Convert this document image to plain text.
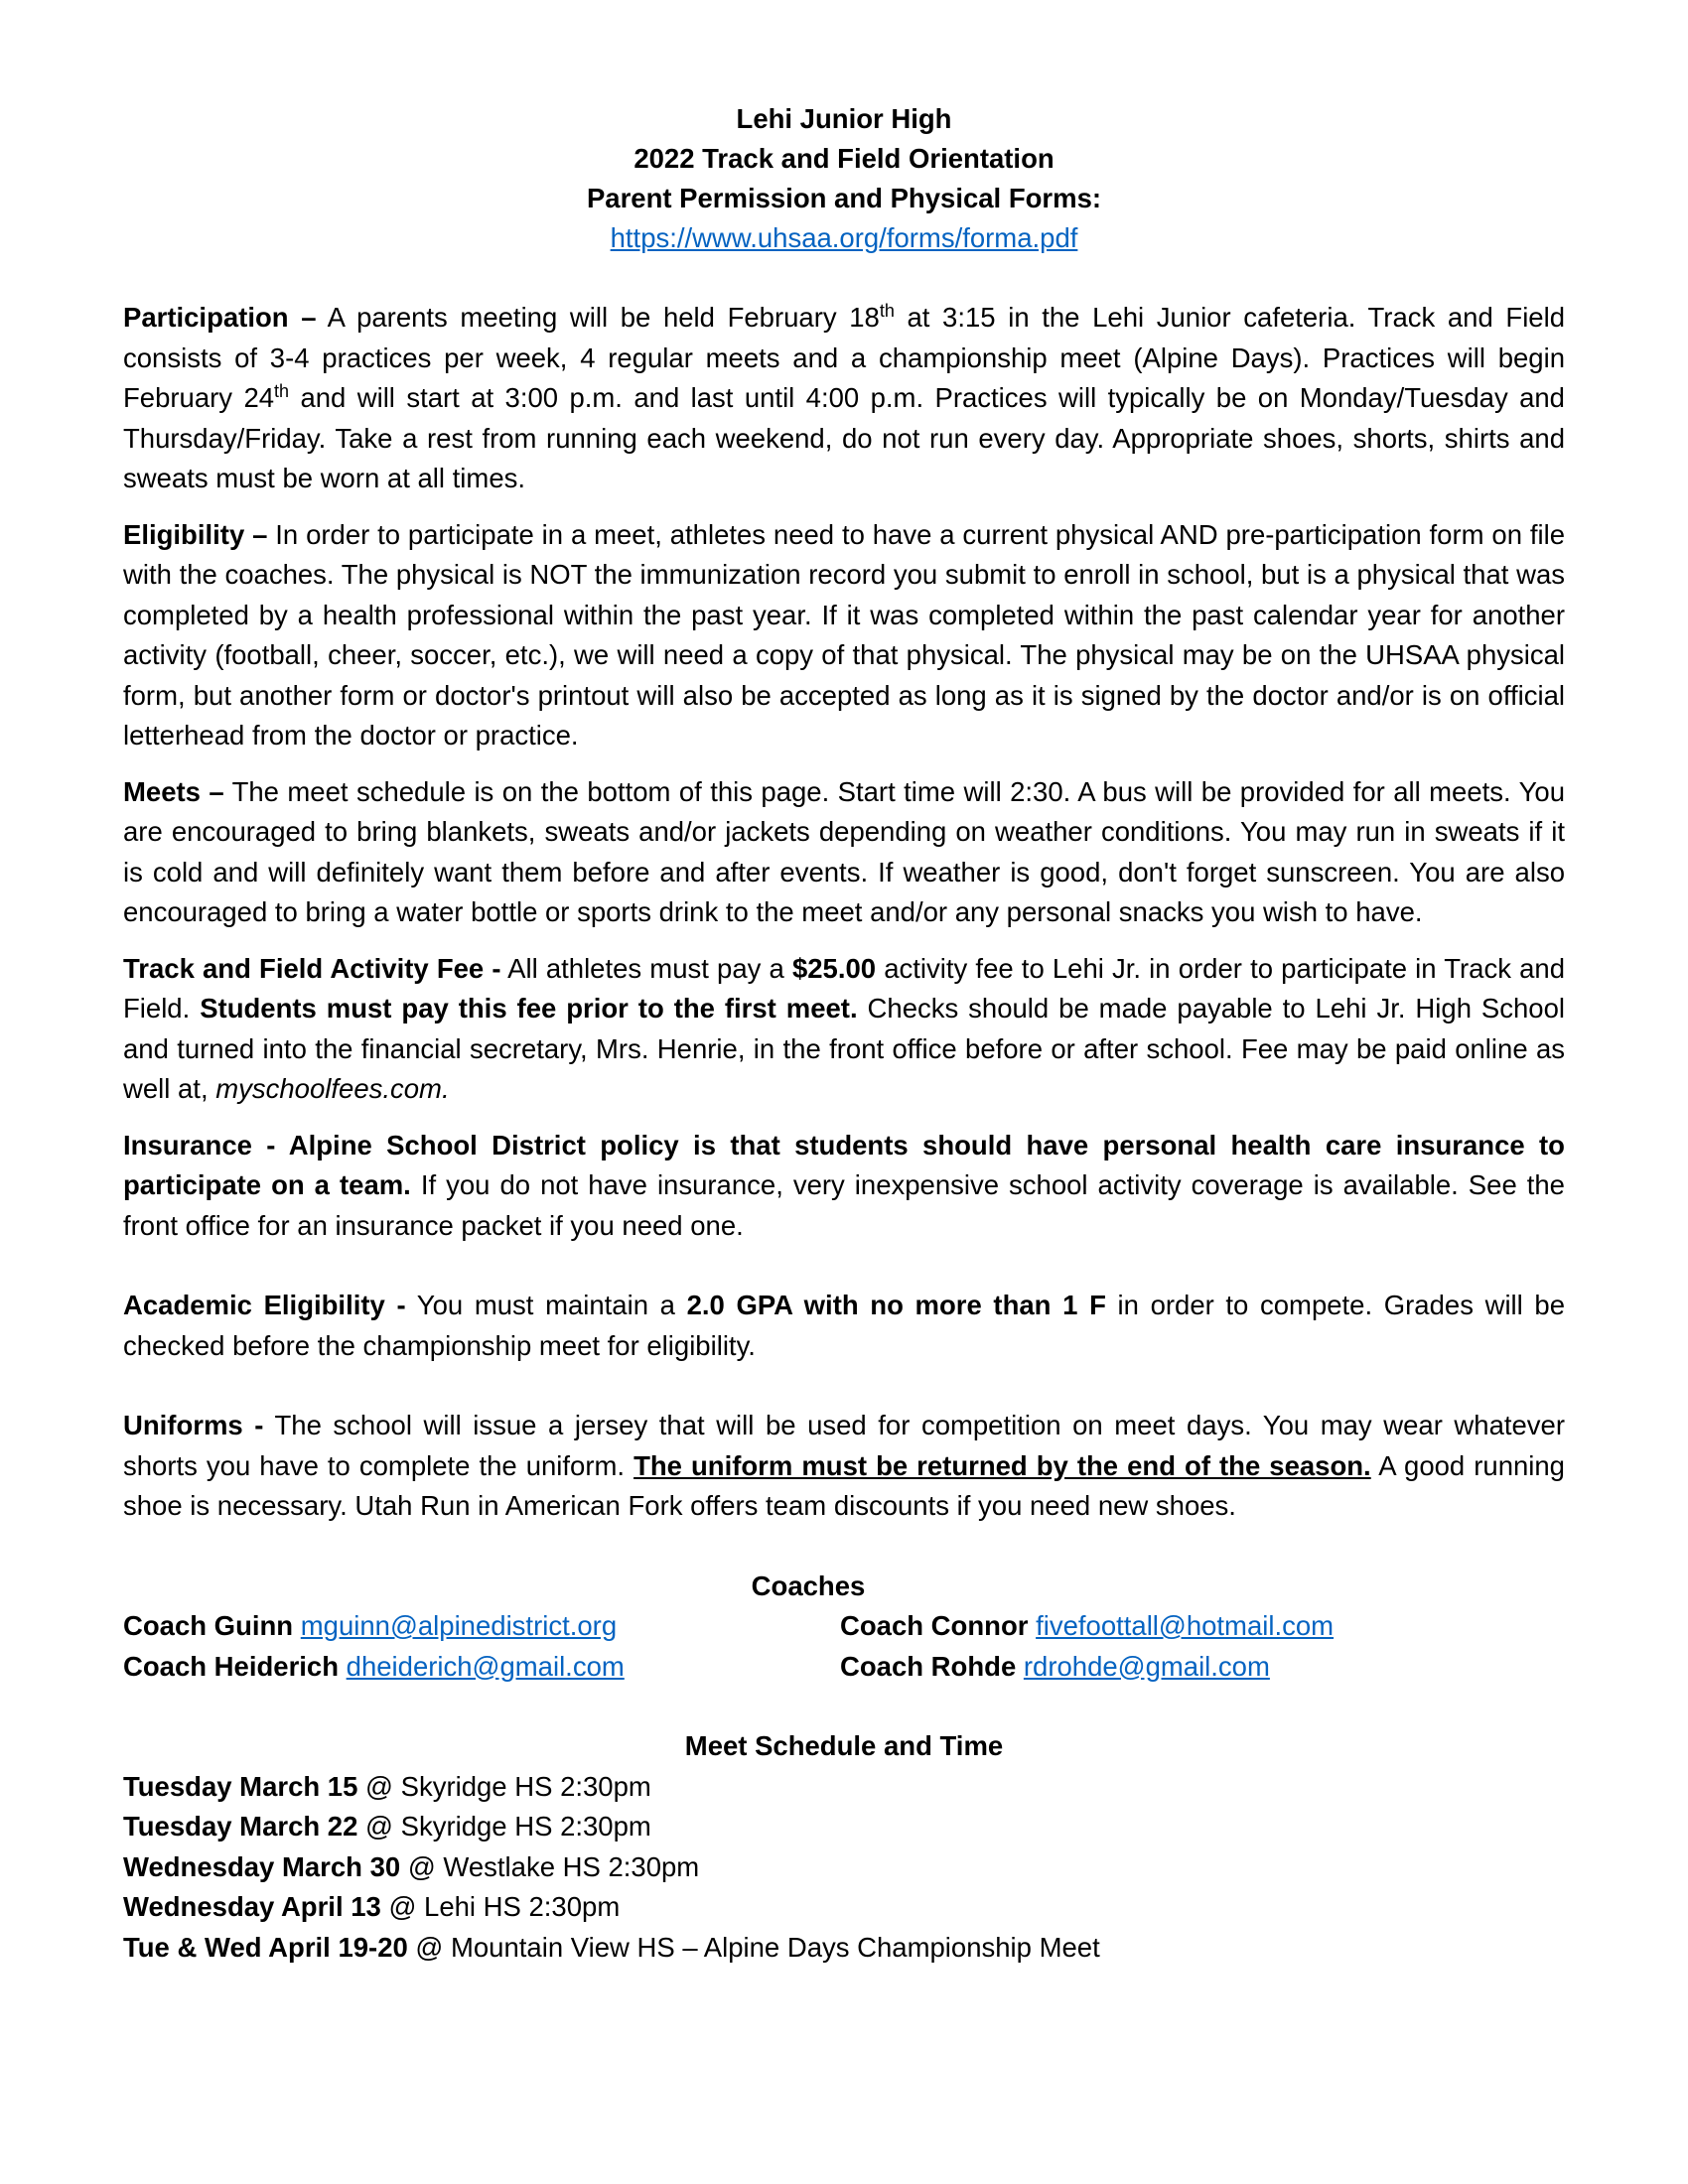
Lehi Junior High
2022 Track and Field Orientation
Parent Permission and Physical Forms:
https://www.uhsaa.org/forms/forma.pdf

Participation – A parents meeting will be held February 18th at 3:15 in the Lehi Junior cafeteria. Track and Field consists of 3-4 practices per week, 4 regular meets and a championship meet (Alpine Days). Practices will begin February 24th and will start at 3:00 p.m. and last until 4:00 p.m. Practices will typically be on Monday/Tuesday and Thursday/Friday. Take a rest from running each weekend, do not run every day. Appropriate shoes, shorts, shirts and sweats must be worn at all times.

Eligibility – In order to participate in a meet, athletes need to have a current physical AND pre-participation form on file with the coaches. The physical is NOT the immunization record you submit to enroll in school, but is a physical that was completed by a health professional within the past year. If it was completed within the past calendar year for another activity (football, cheer, soccer, etc.), we will need a copy of that physical. The physical may be on the UHSAA physical form, but another form or doctor's printout will also be accepted as long as it is signed by the doctor and/or is on official letterhead from the doctor or practice.

Meets – The meet schedule is on the bottom of this page. Start time will 2:30. A bus will be provided for all meets. You are encouraged to bring blankets, sweats and/or jackets depending on weather conditions. You may run in sweats if it is cold and will definitely want them before and after events. If weather is good, don't forget sunscreen. You are also encouraged to bring a water bottle or sports drink to the meet and/or any personal snacks you wish to have.

Track and Field Activity Fee - All athletes must pay a $25.00 activity fee to Lehi Jr. in order to participate in Track and Field. Students must pay this fee prior to the first meet. Checks should be made payable to Lehi Jr. High School and turned into the financial secretary, Mrs. Henrie, in the front office before or after school. Fee may be paid online as well at, myschoolfees.com.

Insurance - Alpine School District policy is that students should have personal health care insurance to participate on a team. If you do not have insurance, very inexpensive school activity coverage is available. See the front office for an insurance packet if you need one.

Academic Eligibility - You must maintain a 2.0 GPA with no more than 1 F in order to compete. Grades will be checked before the championship meet for eligibility.

Uniforms - The school will issue a jersey that will be used for competition on meet days. You may wear whatever shorts you have to complete the uniform. The uniform must be returned by the end of the season. A good running shoe is necessary. Utah Run in American Fork offers team discounts if you need new shoes.

Coaches
Coach Guinn mguinn@alpinedistrict.org	Coach Connor fivefoottall@hotmail.com
Coach Heiderich dheiderich@gmail.com	Coach Rohde rdrohde@gmail.com
Meet Schedule and Time
Tuesday March 15 @ Skyridge HS 2:30pm
Tuesday March 22 @ Skyridge HS 2:30pm
Wednesday March 30 @ Westlake HS 2:30pm
Wednesday April 13 @ Lehi HS 2:30pm
Tue & Wed April 19-20 @ Mountain View HS – Alpine Days Championship Meet
